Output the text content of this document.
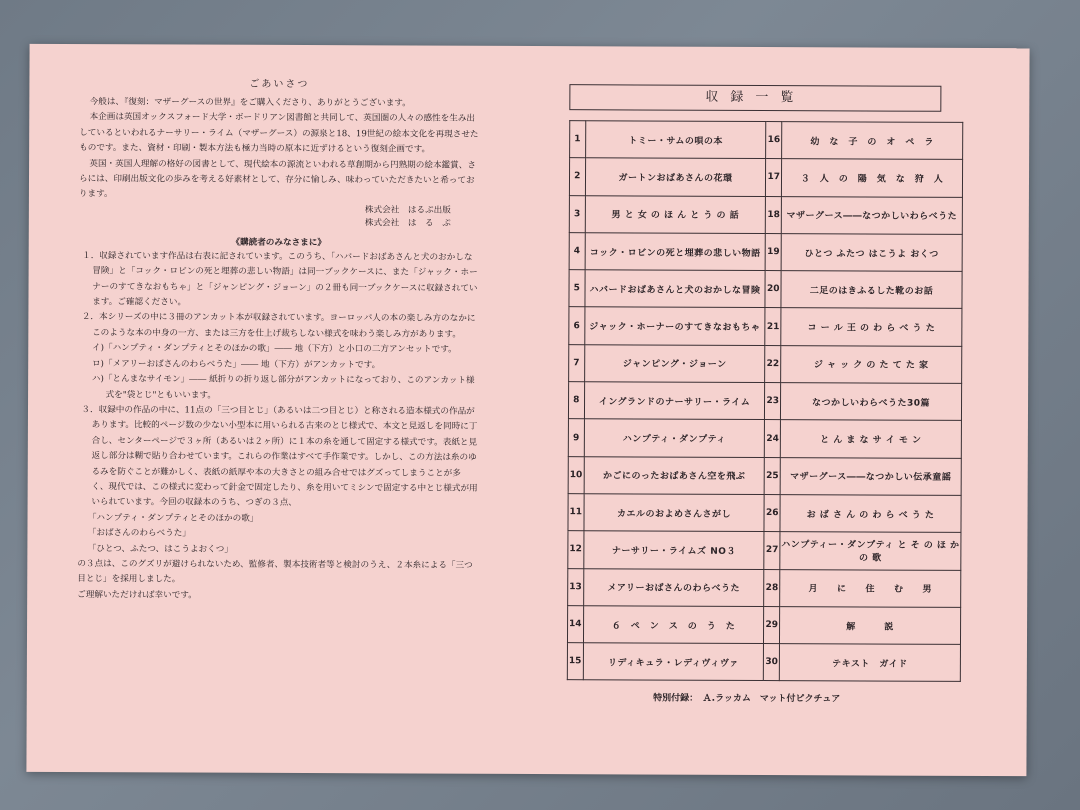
ごあいさつ

今般は、『復刻：マザーグースの世界』をご購入くださり、ありがとうございます。

本企画は英国オックスフォード大学・ボードリアン図書館と共同して、英国圏の人々の感性を生み出しているといわれるナーサリー・ライム（マザーグース）の源泉と18、19世紀の絵本文化を再現させたものです。また、資材・印刷・製本方法も極力当時の原本に近ずけるという復刻企画です。

英国・英国人理解の格好の図書として、現代絵本の源流といわれる草創期から円熟期の絵本鑑賞、さらには、印刷出版文化の歩みを考える好素材として、存分に愉しみ、味わっていただきたいと希っております。

株式会社　はるぷ出版
株式会社　は　る　ぷ
《購読者のみなさまに》

１．収録されています作品は右表に記されています。このうち、「ハバードおばあさんと犬のおかしな冒険」と「コック・ロビンの死と埋葬の悲しい物語」は同一ブックケースに、また「ジャック・ホーナーのすてきなおもちゃ」と「ジャンピング・ジョーン」の２冊も同一ブックケースに収録されています。ご確認ください。

２．本シリーズの中に３冊のアンカット本が収録されています。ヨーロッパ人の本の楽しみ方のなかにこのような本の中身の一方、または三方を仕上げ裁ちしない様式を味わう楽しみ方があります。

イ)「ハンプティ・ダンプティとそのほかの歌」―― 地（下方）と小口の二方アンセットです。

ロ)「メアリーおばさんのわらべうた」―― 地（下方）がアンカットです。

ハ)「とんまなサイモン」―― 紙折りの折り返し部分がアンカットになっており、このアンカット様式を"袋とじ"ともいいます。

３．収録中の作品の中に、11点の「三つ目とじ」（あるいは二つ目とじ）と称される造本様式の作品があります。比較的ページ数の少ない小型本に用いられる古来のとじ様式で、本文と見返しを同時に丁合し、センターページで３ヶ所（あるいは２ヶ所）に１本の糸を通して固定する様式です。表紙と見返し部分は糊で貼り合わせています。これらの作業はすべて手作業です。しかし、この方法は糸のゆるみを防ぐことが難かしく、表紙の紙厚や本の大きさとの組み合せではグズってしまうことが多く、現代では、この様式に変わって針金で固定したり、糸を用いてミシンで固定する中とじ様式が用いられています。今回の収録本のうち、つぎの３点、

「ハンプティ・ダンプティとそのほかの歌」

「おばさんのわらべうた」

「ひとつ、ふたつ、はこうよおくつ」

の３点は、このグズリが避けられないため、監修者、製本技術者等と検討のうえ、２本糸による「三つ目とじ」を採用しました。

ご理解いただければ幸いです。

収録一覧
1	トミー・サムの唄の本	16	幼　な　子　の　オ　ペ　ラ
2	ガートンおばあさんの花環	17	３　人　の　陽　気　な　狩　人
3	男 と 女 の ほ ん と う の 話	18	マザーグース――なつかしいわらべうた
4	コック・ロビンの死と埋葬の悲しい物語	19	ひとつ ふたつ はこうよ おくつ
5	ハバードおばあさんと犬のおかしな冒険	20	二足のはきふるした靴のお話
6	ジャック・ホーナーのすてきなおもちゃ	21	コ ー ル 王 の わ ら べ う た
7	ジャンピング・ジョーン	22	ジ ャ ッ ク の た て た 家
8	イングランドのナーサリー・ライム	23	なつかしいわらべうた30篇
9	ハンプティ・ダンプティ	24	と ん ま な サ イ モ ン
10	かごにのったおばあさん空を飛ぶ	25	マザーグース――なつかしい伝承童謡
11	カエルのおよめさんさがし	26	お ば さ ん の わ ら べ う た
12	ナーサリー・ライムズ NO３	27	ハンプティー・ダンプティ と そ の ほ か の 歌
13	メアリーおばさんのわらべうた	28	月　　に　　住　　む　　男
14	６　ペ　ン　ス　の　う　た	29	解　　　説
15	リディキュラ・レディヴィヴァ	30	テキスト　ガイド
特別付録：　Ａ.ラッカム　マット付ピクチュア
